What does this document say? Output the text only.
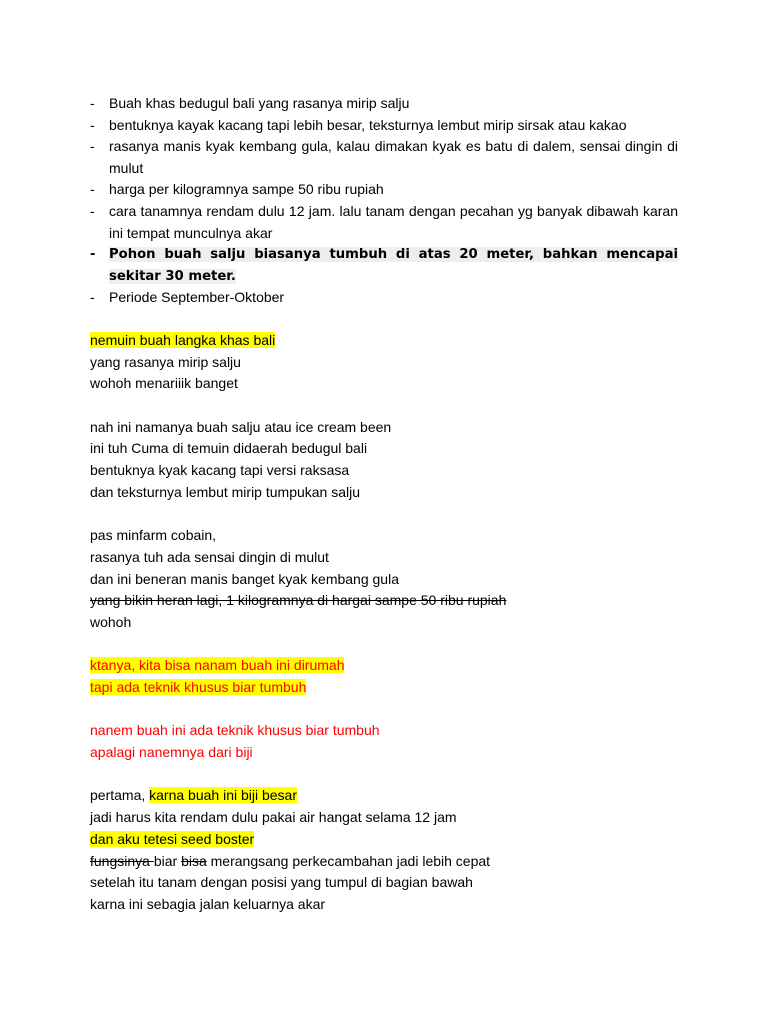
- Buah khas bedugul bali yang rasanya mirip salju
- bentuknya kayak kacang tapi lebih besar, teksturnya lembut mirip sirsak atau kakao
- rasanya manis kyak kembang gula, kalau dimakan kyak es batu di dalem, sensai dingin di mulut
- harga per kilogramnya sampe 50 ribu rupiah
- cara tanamnya rendam dulu 12 jam. lalu tanam dengan pecahan yg banyak dibawah karan ini tempat munculnya akar
- Pohon buah salju biasanya tumbuh di atas 20 meter, bahkan mencapai sekitar 30 meter.
- Periode September-Oktober
nemuin buah langka khas bali
yang rasanya mirip salju
wohoh menariiik banget
nah ini namanya buah salju atau ice cream been
ini tuh Cuma di temuin didaerah bedugul bali
bentuknya kyak kacang tapi versi raksasa
dan teksturnya lembut mirip tumpukan salju
pas minfarm cobain,
rasanya tuh ada sensai dingin di mulut
dan ini beneran manis banget kyak kembang gula
yang bikin heran lagi, 1 kilogramnya di hargai sampe 50 ribu rupiah
wohoh
ktanya, kita bisa nanam buah ini dirumah
tapi ada teknik khusus biar tumbuh
nanem buah ini ada teknik khusus biar tumbuh
apalagi nanemnya dari biji
pertama, karna buah ini biji besar
jadi harus kita rendam dulu pakai air hangat selama 12 jam
dan aku tetesi seed boster
fungsinya biar bisa merangsang perkecambahan jadi lebih cepat
setelah itu tanam dengan posisi yang tumpul di bagian bawah
karna ini sebagia jalan keluarnya akar
